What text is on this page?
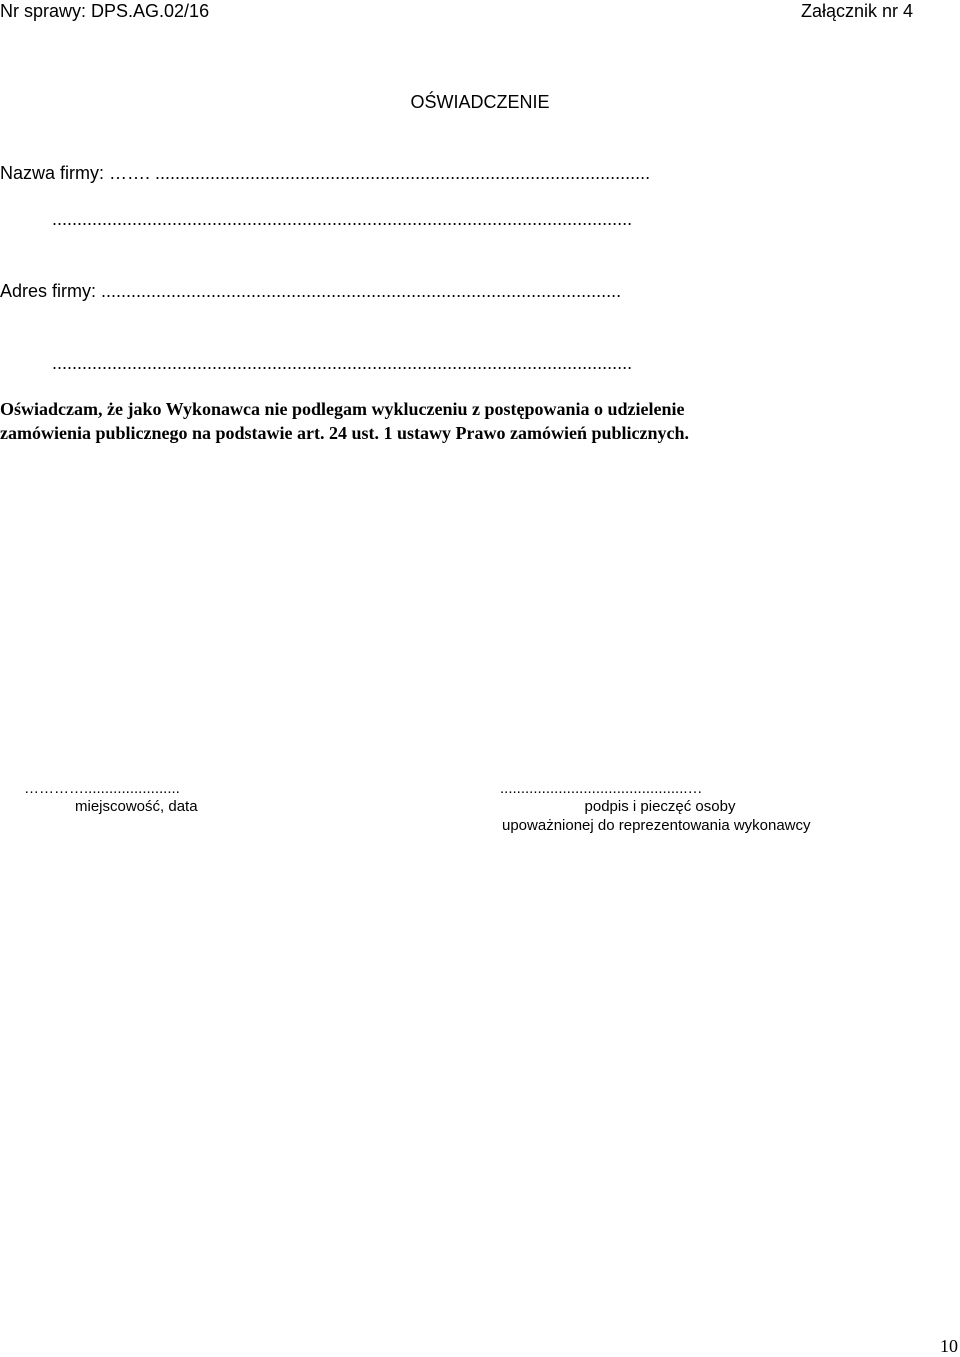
Nr sprawy: DPS.AG.02/16	Załącznik nr 4
OŚWIADCZENIE
Nazwa firmy: ……. ...................................................................................................
....................................................................................................................
Adres firmy: ........................................................................................................
....................................................................................................................
Oświadczam, że jako Wykonawca nie podlegam wykluczeniu z postępowania o udzielenie
zamówienia publicznego na podstawie art. 24 ust. 1 ustawy Prawo zamówień publicznych.
………….......................
miejscowość, data
.............................................…
podpis i pieczęć osoby
upoważnionej do reprezentowania wykonawcy
10
